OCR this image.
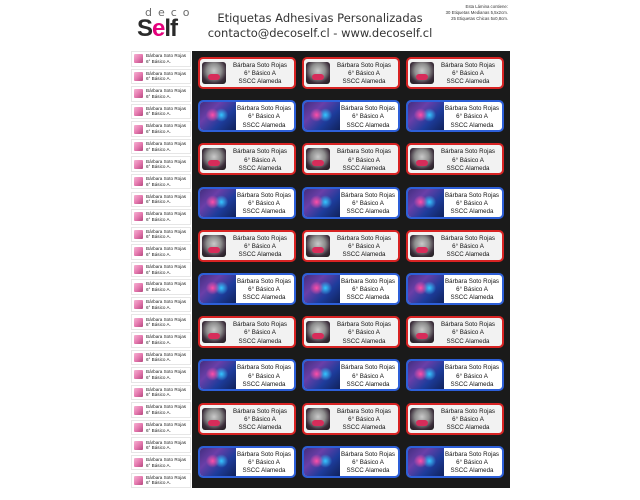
deco
Self	Etiquetas Adhesivas Personalizadas
contacto@decoself.cl - www.decoself.cl
Esta Lámina contiene:
30 Etiquetas Medianas 5,5x2cm.
25 Etiquetas Chicas 5x0,8cm.
Bárbara Soto Rojas
6° Básico A.
Bárbara Soto Rojas
6° Básico A.
Bárbara Soto Rojas
6° Básico A.
Bárbara Soto Rojas
6° Básico A.
Bárbara Soto Rojas
6° Básico A.
Bárbara Soto Rojas
6° Básico A.
Bárbara Soto Rojas
6° Básico A.
Bárbara Soto Rojas
6° Básico A.
Bárbara Soto Rojas
6° Básico A.
Bárbara Soto Rojas
6° Básico A.
Bárbara Soto Rojas
6° Básico A.
Bárbara Soto Rojas
6° Básico A.
Bárbara Soto Rojas
6° Básico A.
Bárbara Soto Rojas
6° Básico A.
Bárbara Soto Rojas
6° Básico A.
Bárbara Soto Rojas
6° Básico A.
Bárbara Soto Rojas
6° Básico A.
Bárbara Soto Rojas
6° Básico A.
Bárbara Soto Rojas
6° Básico A.
Bárbara Soto Rojas
6° Básico A.
Bárbara Soto Rojas
6° Básico A.
Bárbara Soto Rojas
6° Básico A.
Bárbara Soto Rojas
6° Básico A.
Bárbara Soto Rojas
6° Básico A.
Bárbara Soto Rojas
6° Básico A.
Bárbara Soto Rojas
6° Básico A
SSCC Alameda
Bárbara Soto Rojas
6° Básico A
SSCC Alameda
Bárbara Soto Rojas
6° Básico A
SSCC Alameda
Bárbara Soto Rojas
6° Básico A
SSCC Alameda
Bárbara Soto Rojas
6° Básico A
SSCC Alameda
Bárbara Soto Rojas
6° Básico A
SSCC Alameda
Bárbara Soto Rojas
6° Básico A
SSCC Alameda
Bárbara Soto Rojas
6° Básico A
SSCC Alameda
Bárbara Soto Rojas
6° Básico A
SSCC Alameda
Bárbara Soto Rojas
6° Básico A
SSCC Alameda
Bárbara Soto Rojas
6° Básico A
SSCC Alameda
Bárbara Soto Rojas
6° Básico A
SSCC Alameda
Bárbara Soto Rojas
6° Básico A
SSCC Alameda
Bárbara Soto Rojas
6° Básico A
SSCC Alameda
Bárbara Soto Rojas
6° Básico A
SSCC Alameda
Bárbara Soto Rojas
6° Básico A
SSCC Alameda
Bárbara Soto Rojas
6° Básico A
SSCC Alameda
Bárbara Soto Rojas
6° Básico A
SSCC Alameda
Bárbara Soto Rojas
6° Básico A
SSCC Alameda
Bárbara Soto Rojas
6° Básico A
SSCC Alameda
Bárbara Soto Rojas
6° Básico A
SSCC Alameda
Bárbara Soto Rojas
6° Básico A
SSCC Alameda
Bárbara Soto Rojas
6° Básico A
SSCC Alameda
Bárbara Soto Rojas
6° Básico A
SSCC Alameda
Bárbara Soto Rojas
6° Básico A
SSCC Alameda
Bárbara Soto Rojas
6° Básico A
SSCC Alameda
Bárbara Soto Rojas
6° Básico A
SSCC Alameda
Bárbara Soto Rojas
6° Básico A
SSCC Alameda
Bárbara Soto Rojas
6° Básico A
SSCC Alameda
Bárbara Soto Rojas
6° Básico A
SSCC Alameda
